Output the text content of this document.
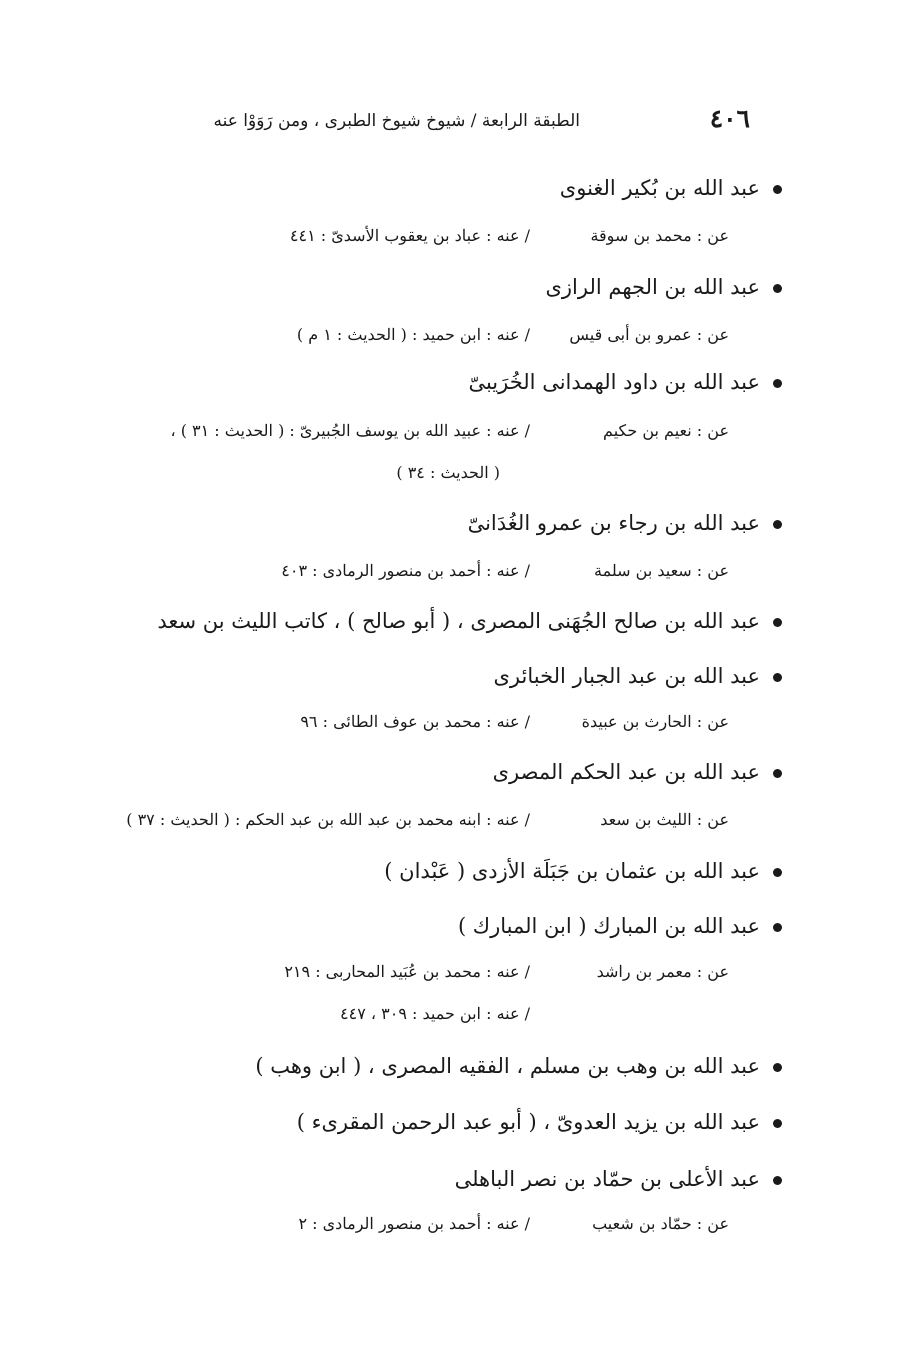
٤٠٦
الطبقة الرابعة / شيوخ شيوخ الطبرى ، ومن رَوَوْا عنه
عبد الله بن بُكير الغنوى
عن : محمد بن سوقة
/ عنه : عباد بن يعقوب الأسدىّ : ٤٤١
عبد الله بن الجهم الرازى
عن : عمرو بن أبى قيس
/ عنه : ابن حميد : ( الحديث : ١ م )
عبد الله بن داود الهمدانى الخُرَيبىّ
عن : نعيم بن حكيم
/ عنه : عبيد الله بن يوسف الجُبيرىّ : ( الحديث : ٣١ ) ،
( الحديث : ٣٤ )
عبد الله بن رجاء بن عمرو الغُدَانىّ
عن : سعيد بن سلمة
/ عنه : أحمد بن منصور الرمادى : ٤٠٣
عبد الله بن صالح الجُهَنى المصرى ، ( أبو صالح ) ، كاتب الليث بن سعد
عبد الله بن عبد الجبار الخبائرى
عن : الحارث بن عبيدة
/ عنه : محمد بن عوف الطائى : ٩٦
عبد الله بن عبد الحكم المصرى
عن : الليث بن سعد
/ عنه : ابنه محمد بن عبد الله بن عبد الحكم : ( الحديث : ٣٧ )
عبد الله بن عثمان بن جَبَلَة الأزدى ( عَبْدان )
عبد الله بن المبارك ( ابن المبارك )
عن : معمر بن راشد
/ عنه : محمد بن عُبَيد المحاربى : ٢١٩
/ عنه : ابن حميد : ٣٠٩ ، ٤٤٧
عبد الله بن وهب بن مسلم ، الفقيه المصرى ، ( ابن وهب )
عبد الله بن يزيد العدوىّ ، ( أبو عبد الرحمن المقرىء )
عبد الأعلى بن حمّاد بن نصر الباهلى
عن : حمّاد بن شعيب
/ عنه : أحمد بن منصور الرمادى : ٢
